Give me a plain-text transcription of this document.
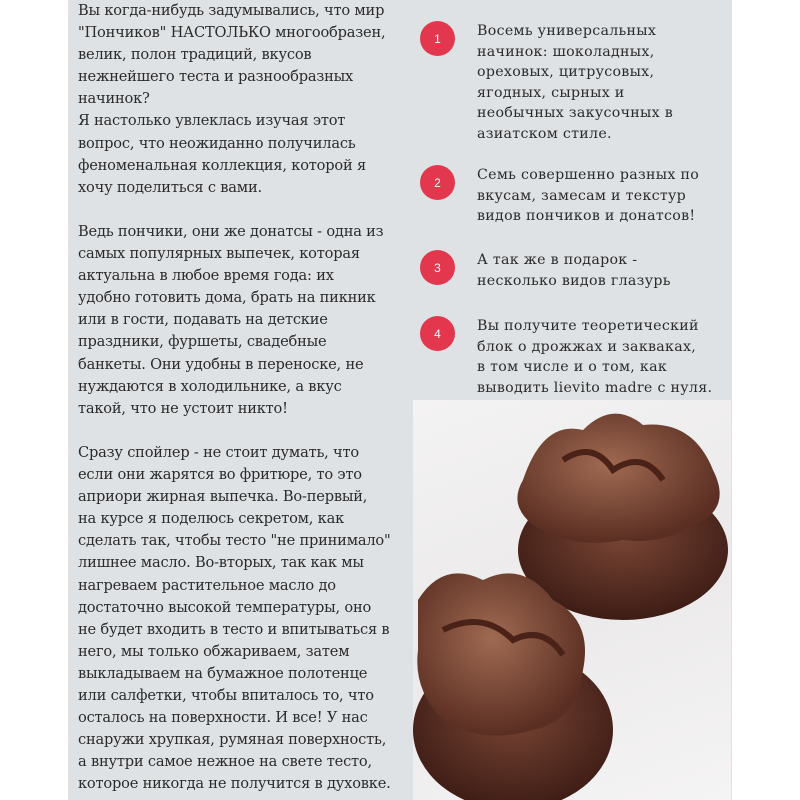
Вы когда-нибудь задумывались, что мир
"Пончиков" НАСТОЛЬКО многообразен,
велик, полон традиций, вкусов
нежнейшего теста и разнообразных
начинок?
Я настолько увлеклась изучая этот
вопрос, что неожиданно получилась
феноменальная коллекция, которой я
хочу поделиться с вами.
Ведь пончики, они же донатсы - одна из
самых популярных выпечек, которая
актуальна в любое время года: их
удобно готовить дома, брать на пикник
или в гости, подавать на детские
праздники, фуршеты, свадебные
банкеты. Они удобны в переноске, не
нуждаются в холодильнике, а вкус
такой, что не устоит никто!
Сразу спойлер - не стоит думать, что
если они жарятся во фритюре, то это
априори жирная выпечка. Во-первый,
на курсе я поделюсь секретом, как
сделать так, чтобы тесто "не принимало"
лишнее масло. Во-вторых, так как мы
нагреваем растительное масло до
достаточно высокой температуры, оно
не будет входить в тесто и впитываться в
него, мы только обжариваем, затем
выкладываем на бумажное полотенце
или салфетки, чтобы впиталось то, что
осталось на поверхности. И все! У нас
снаружи хрупкая, румяная поверхность,
а внутри самое нежное на свете тесто,
которое никогда не получится в духовке.
1	Восемь универсальных
начинок: шоколадных,
ореховых, цитрусовых,
ягодных, сырных и
необычных закусочных в
азиатском стиле.
2	Семь совершенно разных по
вкусам, замесам и текстур
видов пончиков и донатсов!
3	А так же в подарок -
несколько видов глазурь
4	Вы получите теоретический
блок о дрожжах и закваках,
в том числе и о том, как
выводить lievito madre с нуля.
